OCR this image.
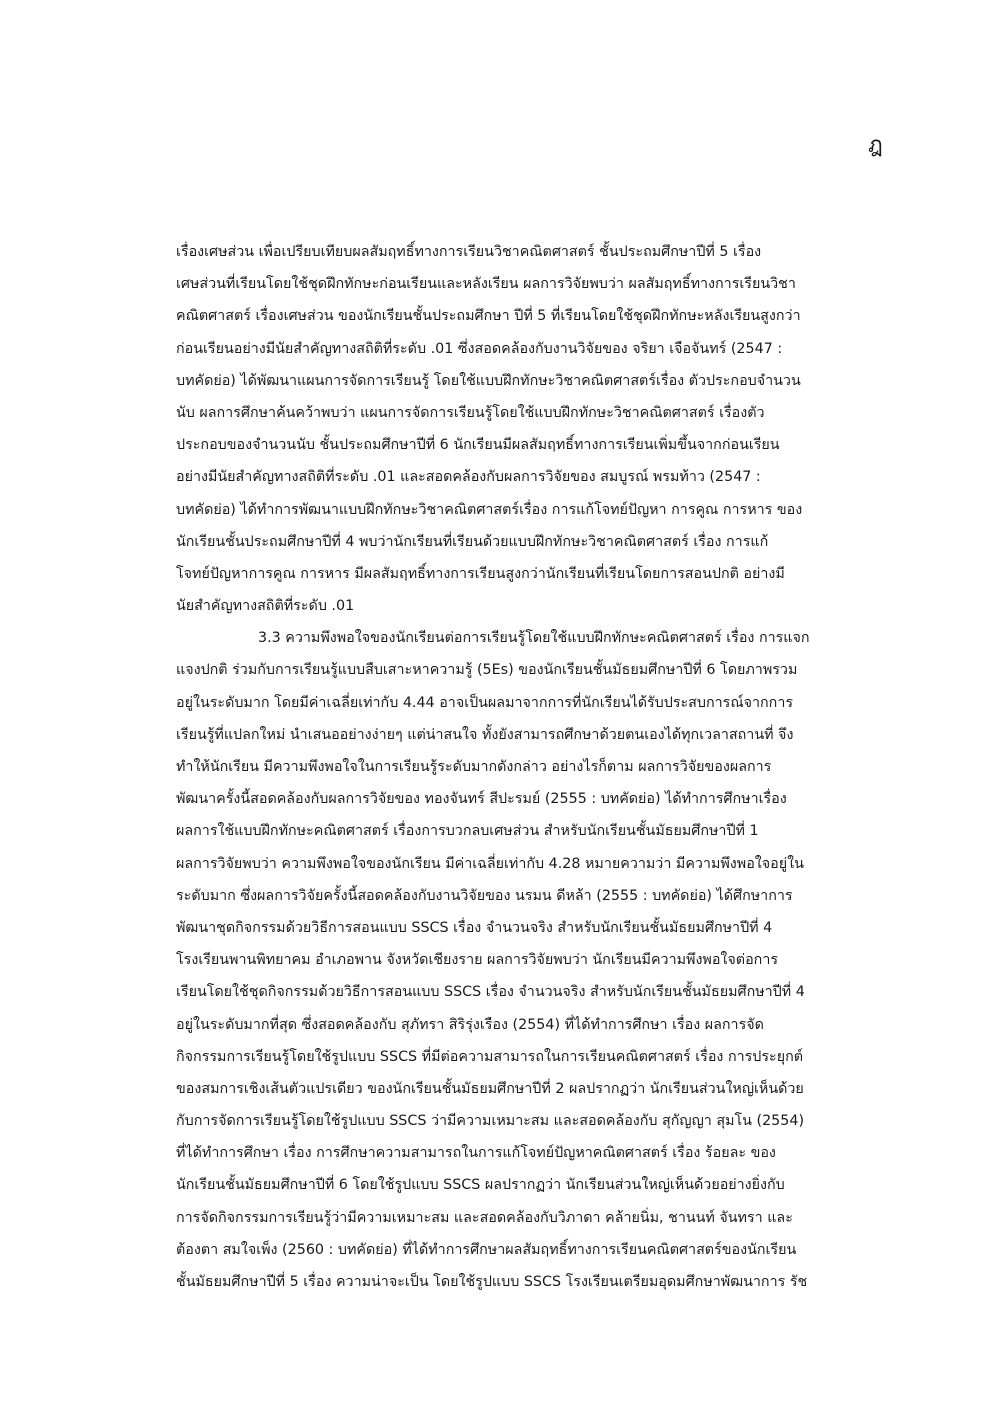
ฎ
เรื่องเศษส่วน เพื่อเปรียบเทียบผลสัมฤทธิ์ทางการเรียนวิชาคณิตศาสตร์ ชั้นประถมศึกษาปีที่ 5 เรื่อง
เศษส่วนที่เรียนโดยใช้ชุดฝึกทักษะก่อนเรียนและหลังเรียน ผลการวิจัยพบว่า ผลสัมฤทธิ์ทางการเรียนวิชา
คณิตศาสตร์ เรื่องเศษส่วน ของนักเรียนชั้นประถมศึกษา ปีที่ 5 ที่เรียนโดยใช้ชุดฝึกทักษะหลังเรียนสูงกว่า
ก่อนเรียนอย่างมีนัยสำคัญทางสถิติที่ระดับ .01 ซึ่งสอดคล้องกับงานวิจัยของ จริยา เจือจันทร์ (2547 :
บทคัดย่อ) ได้พัฒนาแผนการจัดการเรียนรู้ โดยใช้แบบฝึกทักษะวิชาคณิตศาสตร์เรื่อง ตัวประกอบจำนวน
นับ ผลการศึกษาค้นคว้าพบว่า แผนการจัดการเรียนรู้โดยใช้แบบฝึกทักษะวิชาคณิตศาสตร์ เรื่องตัว
ประกอบของจำนวนนับ ชั้นประถมศึกษาปีที่ 6 นักเรียนมีผลสัมฤทธิ์ทางการเรียนเพิ่มขึ้นจากก่อนเรียน
อย่างมีนัยสำคัญทางสถิติที่ระดับ .01 และสอดคล้องกับผลการวิจัยของ สมบูรณ์ พรมท้าว (2547 :
บทคัดย่อ) ได้ทำการพัฒนาแบบฝึกทักษะวิชาคณิตศาสตร์เรื่อง การแก้โจทย์ปัญหา การคูณ การหาร ของ
นักเรียนชั้นประถมศึกษาปีที่ 4 พบว่านักเรียนที่เรียนด้วยแบบฝึกทักษะวิชาคณิตศาสตร์ เรื่อง การแก้
โจทย์ปัญหาการคูณ การหาร มีผลสัมฤทธิ์ทางการเรียนสูงกว่านักเรียนที่เรียนโดยการสอนปกติ อย่างมี
นัยสำคัญทางสถิติที่ระดับ .01
3.3 ความพึงพอใจของนักเรียนต่อการเรียนรู้โดยใช้แบบฝึกทักษะคณิตศาสตร์ เรื่อง การแจก
แจงปกติ ร่วมกับการเรียนรู้แบบสืบเสาะหาความรู้ (5Es) ของนักเรียนชั้นมัธยมศึกษาปีที่ 6 โดยภาพรวม
อยู่ในระดับมาก โดยมีค่าเฉลี่ยเท่ากับ 4.44 อาจเป็นผลมาจากการที่นักเรียนได้รับประสบการณ์จากการ
เรียนรู้ที่แปลกใหม่ นำเสนออย่างง่ายๆ แต่น่าสนใจ ทั้งยังสามารถศึกษาด้วยตนเองได้ทุกเวลาสถานที่ จึง
ทำให้นักเรียน มีความพึงพอใจในการเรียนรู้ระดับมากดังกล่าว อย่างไรก็ตาม ผลการวิจัยของผลการ
พัฒนาครั้งนี้สอดคล้องกับผลการวิจัยของ ทองจันทร์ สีปะรมย์ (2555 : บทคัดย่อ) ได้ทำการศึกษาเรื่อง
ผลการใช้แบบฝึกทักษะคณิตศาสตร์ เรื่องการบวกลบเศษส่วน สำหรับนักเรียนชั้นมัธยมศึกษาปีที่ 1
ผลการวิจัยพบว่า ความพึงพอใจของนักเรียน มีค่าเฉลี่ยเท่ากับ 4.28 หมายความว่า มีความพึงพอใจอยู่ใน
ระดับมาก ซึ่งผลการวิจัยครั้งนี้สอดคล้องกับงานวิจัยของ นรมน ดีหล้า (2555 : บทคัดย่อ) ได้ศึกษาการ
พัฒนาชุดกิจกรรมด้วยวิธีการสอนแบบ SSCS เรื่อง จำนวนจริง สำหรับนักเรียนชั้นมัธยมศึกษาปีที่ 4
โรงเรียนพานพิทยาคม อำเภอพาน จังหวัดเชียงราย ผลการวิจัยพบว่า นักเรียนมีความพึงพอใจต่อการ
เรียนโดยใช้ชุดกิจกรรมด้วยวิธีการสอนแบบ SSCS เรื่อง จำนวนจริง สำหรับนักเรียนชั้นมัธยมศึกษาปีที่ 4
อยู่ในระดับมากที่สุด ซึ่งสอดคล้องกับ สุภัทรา สิริรุ่งเรือง (2554) ที่ได้ทำการศึกษา เรื่อง ผลการจัด
กิจกรรมการเรียนรู้โดยใช้รูปแบบ SSCS ที่มีต่อความสามารถในการเรียนคณิตศาสตร์ เรื่อง การประยุกต์
ของสมการเชิงเส้นตัวแปรเดียว ของนักเรียนชั้นมัธยมศึกษาปีที่ 2 ผลปรากฏว่า นักเรียนส่วนใหญ่เห็นด้วย
กับการจัดการเรียนรู้โดยใช้รูปแบบ SSCS ว่ามีความเหมาะสม และสอดคล้องกับ สุกัญญา สุมโน (2554)
ที่ได้ทำการศึกษา เรื่อง การศึกษาความสามารถในการแก้โจทย์ปัญหาคณิตศาสตร์ เรื่อง ร้อยละ ของ
นักเรียนชั้นมัธยมศึกษาปีที่ 6 โดยใช้รูปแบบ SSCS ผลปรากฏว่า นักเรียนส่วนใหญ่เห็นด้วยอย่างยิ่งกับ
การจัดกิจกรรมการเรียนรู้ว่ามีความเหมาะสม และสอดคล้องกับวิภาดา คล้ายนิ่ม, ชานนท์ จันทรา และ
ต้องตา สมใจเพ็ง (2560 : บทคัดย่อ) ที่ได้ทำการศึกษาผลสัมฤทธิ์ทางการเรียนคณิตศาสตร์ของนักเรียน
ชั้นมัธยมศึกษาปีที่ 5 เรื่อง ความน่าจะเป็น โดยใช้รูปแบบ SSCS โรงเรียนเตรียมอุดมศึกษาพัฒนาการ รัช
